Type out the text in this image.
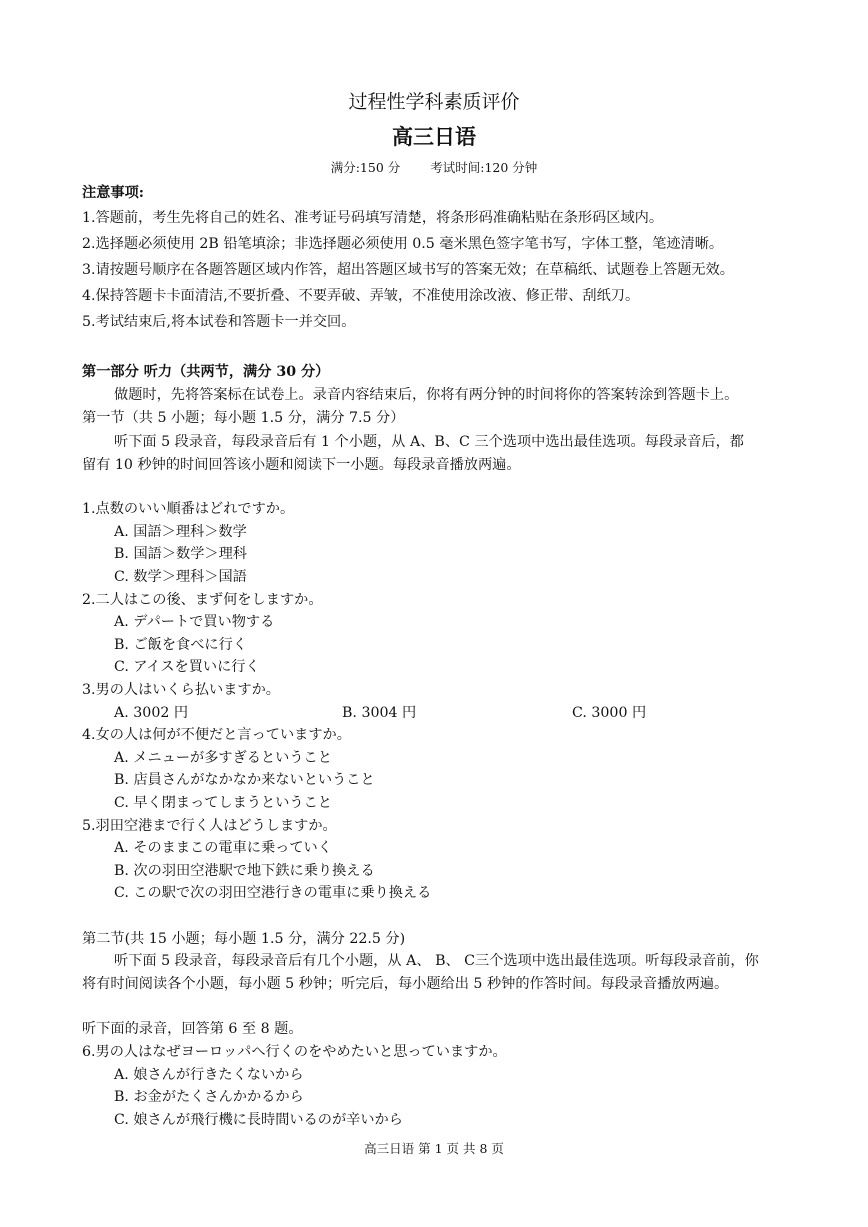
过程性学科素质评价
高三日语
满分:150 分 考试时间:120 分钟
注意事项:
1.答题前，考生先将自己的姓名、准考证号码填写清楚，将条形码准确粘贴在条形码区域内。
2.选择题必须使用 2B 铅笔填涂；非选择题必须使用 0.5 毫米黑色签字笔书写，字体工整，笔迹清晰。
3.请按题号顺序在各题答题区域内作答，超出答题区域书写的答案无效；在草稿纸、试题卷上答题无效。
4.保持答题卡卡面清洁,不要折叠、不要弄破、弄皱，不准使用涂改液、修正带、刮纸刀。
5.考试结束后,将本试卷和答题卡一并交回。
第一部分 听力（共两节，满分 30 分）
做题时，先将答案标在试卷上。录音内容结束后，你将有两分钟的时间将你的答案转涂到答题卡上。
第一节（共 5 小题；每小题 1.5 分，满分 7.5 分）
听下面 5 段录音，每段录音后有 1 个小题，从 A、B、C 三个选项中选出最佳选项。每段录音后，都
留有 10 秒钟的时间回答该小题和阅读下一小题。每段录音播放两遍。
1.点数のいい順番はどれですか。
A. 国語＞理科＞数学
B. 国語＞数学＞理科
C. 数学＞理科＞国語
2.二人はこの後、まず何をしますか。
A. デパートで買い物する
B. ご飯を食べに行く
C. アイスを買いに行く
3.男の人はいくら払いますか。
A. 3002 円	B. 3004 円	C. 3000 円
4.女の人は何が不便だと言っていますか。
A. メニューが多すぎるということ
B. 店員さんがなかなか来ないということ
C. 早く閉まってしまうということ
5.羽田空港まで行く人はどうしますか。
A. そのままこの電車に乗っていく
B. 次の羽田空港駅で地下鉄に乗り換える
C. この駅で次の羽田空港行きの電車に乗り換える
第二节(共 15 小题；每小题 1.5 分，满分 22.5 分)
听下面 5 段录音，每段录音后有几个小题，从 A、 B、 C三个选项中选出最佳选项。听每段录音前，你
将有时间阅读各个小题，每小题 5 秒钟；听完后，每小题给出 5 秒钟的作答时间。每段录音播放两遍。
听下面的录音，回答第 6 至 8 题。
6.男の人はなぜヨーロッパへ行くのをやめたいと思っていますか。
A. 娘さんが行きたくないから
B. お金がたくさんかかるから
C. 娘さんが飛行機に長時間いるのが辛いから
高三日语 第 1 页 共 8 页
